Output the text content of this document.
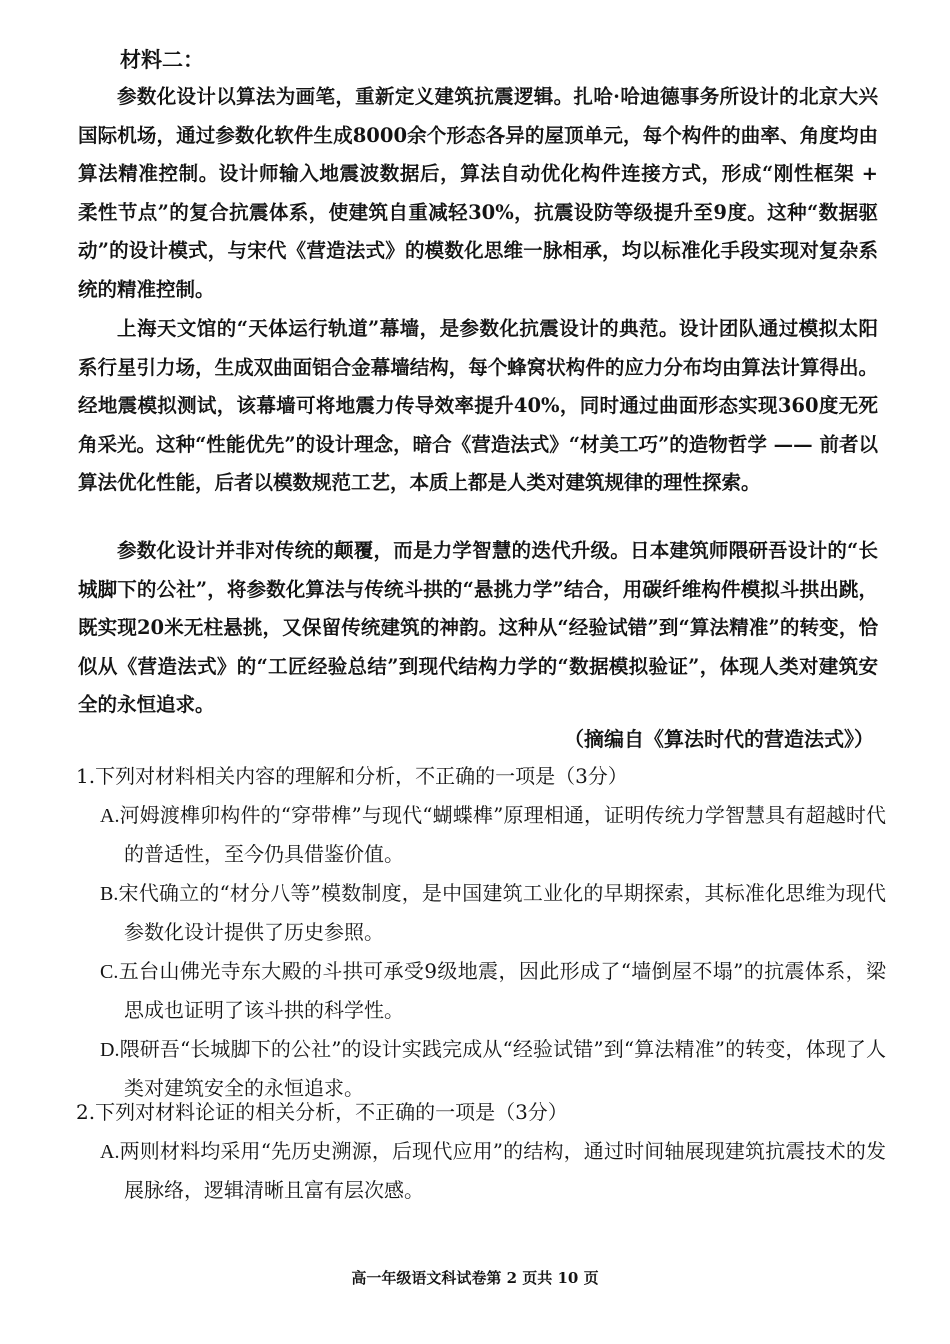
材料二：

参数化设计以算法为画笔，重新定义建筑抗震逻辑。扎哈·哈迪德事务所设计的北京大兴国际机场，通过参数化软件生成8000余个形态各异的屋顶单元，每个构件的曲率、角度均由算法精准控制。设计师输入地震波数据后，算法自动优化构件连接方式，形成“刚性框架 + 柔性节点”的复合抗震体系，使建筑自重减轻30%，抗震设防等级提升至9度。这种“数据驱动”的设计模式，与宋代《营造法式》的模数化思维一脉相承，均以标准化手段实现对复杂系统的精准控制。

上海天文馆的“天体运行轨道”幕墙，是参数化抗震设计的典范。设计团队通过模拟太阳系行星引力场，生成双曲面铝合金幕墙结构，每个蜂窝状构件的应力分布均由算法计算得出。经地震模拟测试，该幕墙可将地震力传导效率提升40%，同时通过曲面形态实现360度无死角采光。这种“性能优先”的设计理念，暗合《营造法式》“材美工巧”的造物哲学 —— 前者以算法优化性能，后者以模数规范工艺，本质上都是人类对建筑规律的理性探索。

参数化设计并非对传统的颠覆，而是力学智慧的迭代升级。日本建筑师隈研吾设计的“长城脚下的公社”，将参数化算法与传统斗拱的“悬挑力学”结合，用碳纤维构件模拟斗拱出跳，既实现20米无柱悬挑，又保留传统建筑的神韵。这种从“经验试错”到“算法精准”的转变，恰似从《营造法式》的“工匠经验总结”到现代结构力学的“数据模拟验证”，体现人类对建筑安全的永恒追求。

（摘编自《算法时代的营造法式》）

1.下列对材料相关内容的理解和分析，不正确的一项是（3分）

A.河姆渡榫卯构件的“穿带榫”与现代“蝴蝶榫”原理相通，证明传统力学智慧具有超越时代的普适性，至今仍具借鉴价值。

B.宋代确立的“材分八等”模数制度，是中国建筑工业化的早期探索，其标准化思维为现代参数化设计提供了历史参照。

C.五台山佛光寺东大殿的斗拱可承受9级地震，因此形成了“墙倒屋不塌”的抗震体系，梁思成也证明了该斗拱的科学性。

D.隈研吾“长城脚下的公社”的设计实践完成从“经验试错”到“算法精准”的转变，体现了人类对建筑安全的永恒追求。

2.下列对材料论证的相关分析，不正确的一项是（3分）

A.两则材料均采用“先历史溯源，后现代应用”的结构，通过时间轴展现建筑抗震技术的发展脉络，逻辑清晰且富有层次感。

高一年级语文科试卷第 2 页共 10 页
